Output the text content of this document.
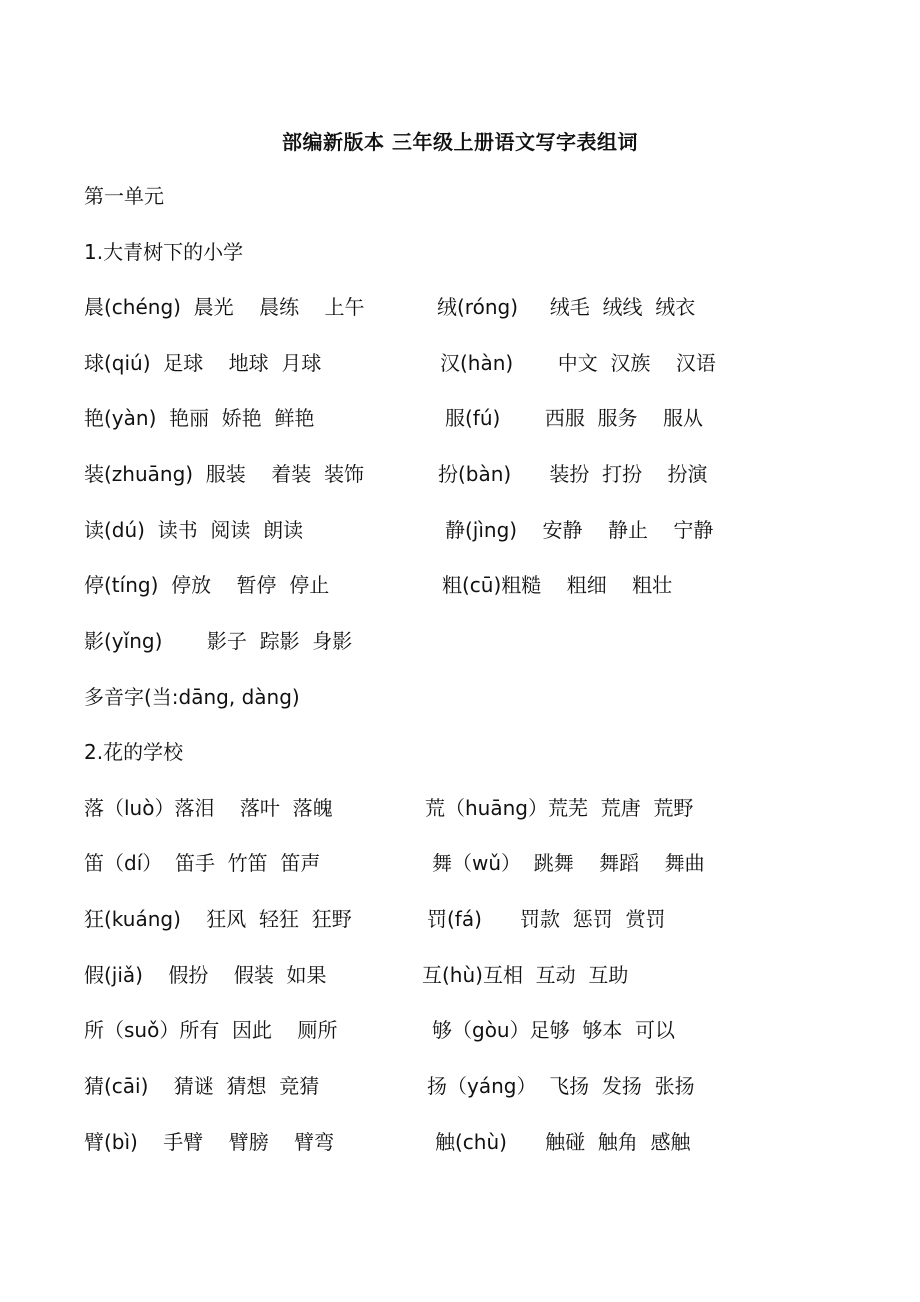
部编新版本 三年级上册语文写字表组词
第一单元
1.大青树下的小学
晨(chéng)  晨光    晨练    上午	绒(róng)     绒毛  绒线  绒衣
球(qiú)  足球    地球  月球	汉(hàn)       中文  汉族    汉语
艳(yàn)  艳丽  娇艳  鲜艳	服(fú)       西服  服务    服从
装(zhuāng)  服装    着装  装饰	扮(bàn)      装扮  打扮    扮演
读(dú)  读书  阅读  朗读	静(jìng)    安静    静止    宁静
停(tíng)  停放    暂停  停止	粗(cū)粗糙    粗细    粗壮
影(yǐng)       影子  踪影  身影
多音字(当:dāng, dàng)
2.花的学校
落（luò）落泪    落叶  落魄	荒（huāng）荒芜  荒唐  荒野
笛（dí）  笛手  竹笛  笛声	舞（wǔ）  跳舞    舞蹈    舞曲
狂(kuáng)    狂风  轻狂  狂野	罚(fá)      罚款  惩罚  赏罚
假(jiǎ)    假扮    假装  如果	互(hù)互相  互动  互助
所（suǒ）所有  因此    厕所	够（gòu）足够  够本  可以
猜(cāi)    猜谜  猜想  竞猜	扬（yáng）  飞扬  发扬  张扬
臂(bì)    手臂    臂膀    臂弯	触(chù)      触碰  触角  感触
